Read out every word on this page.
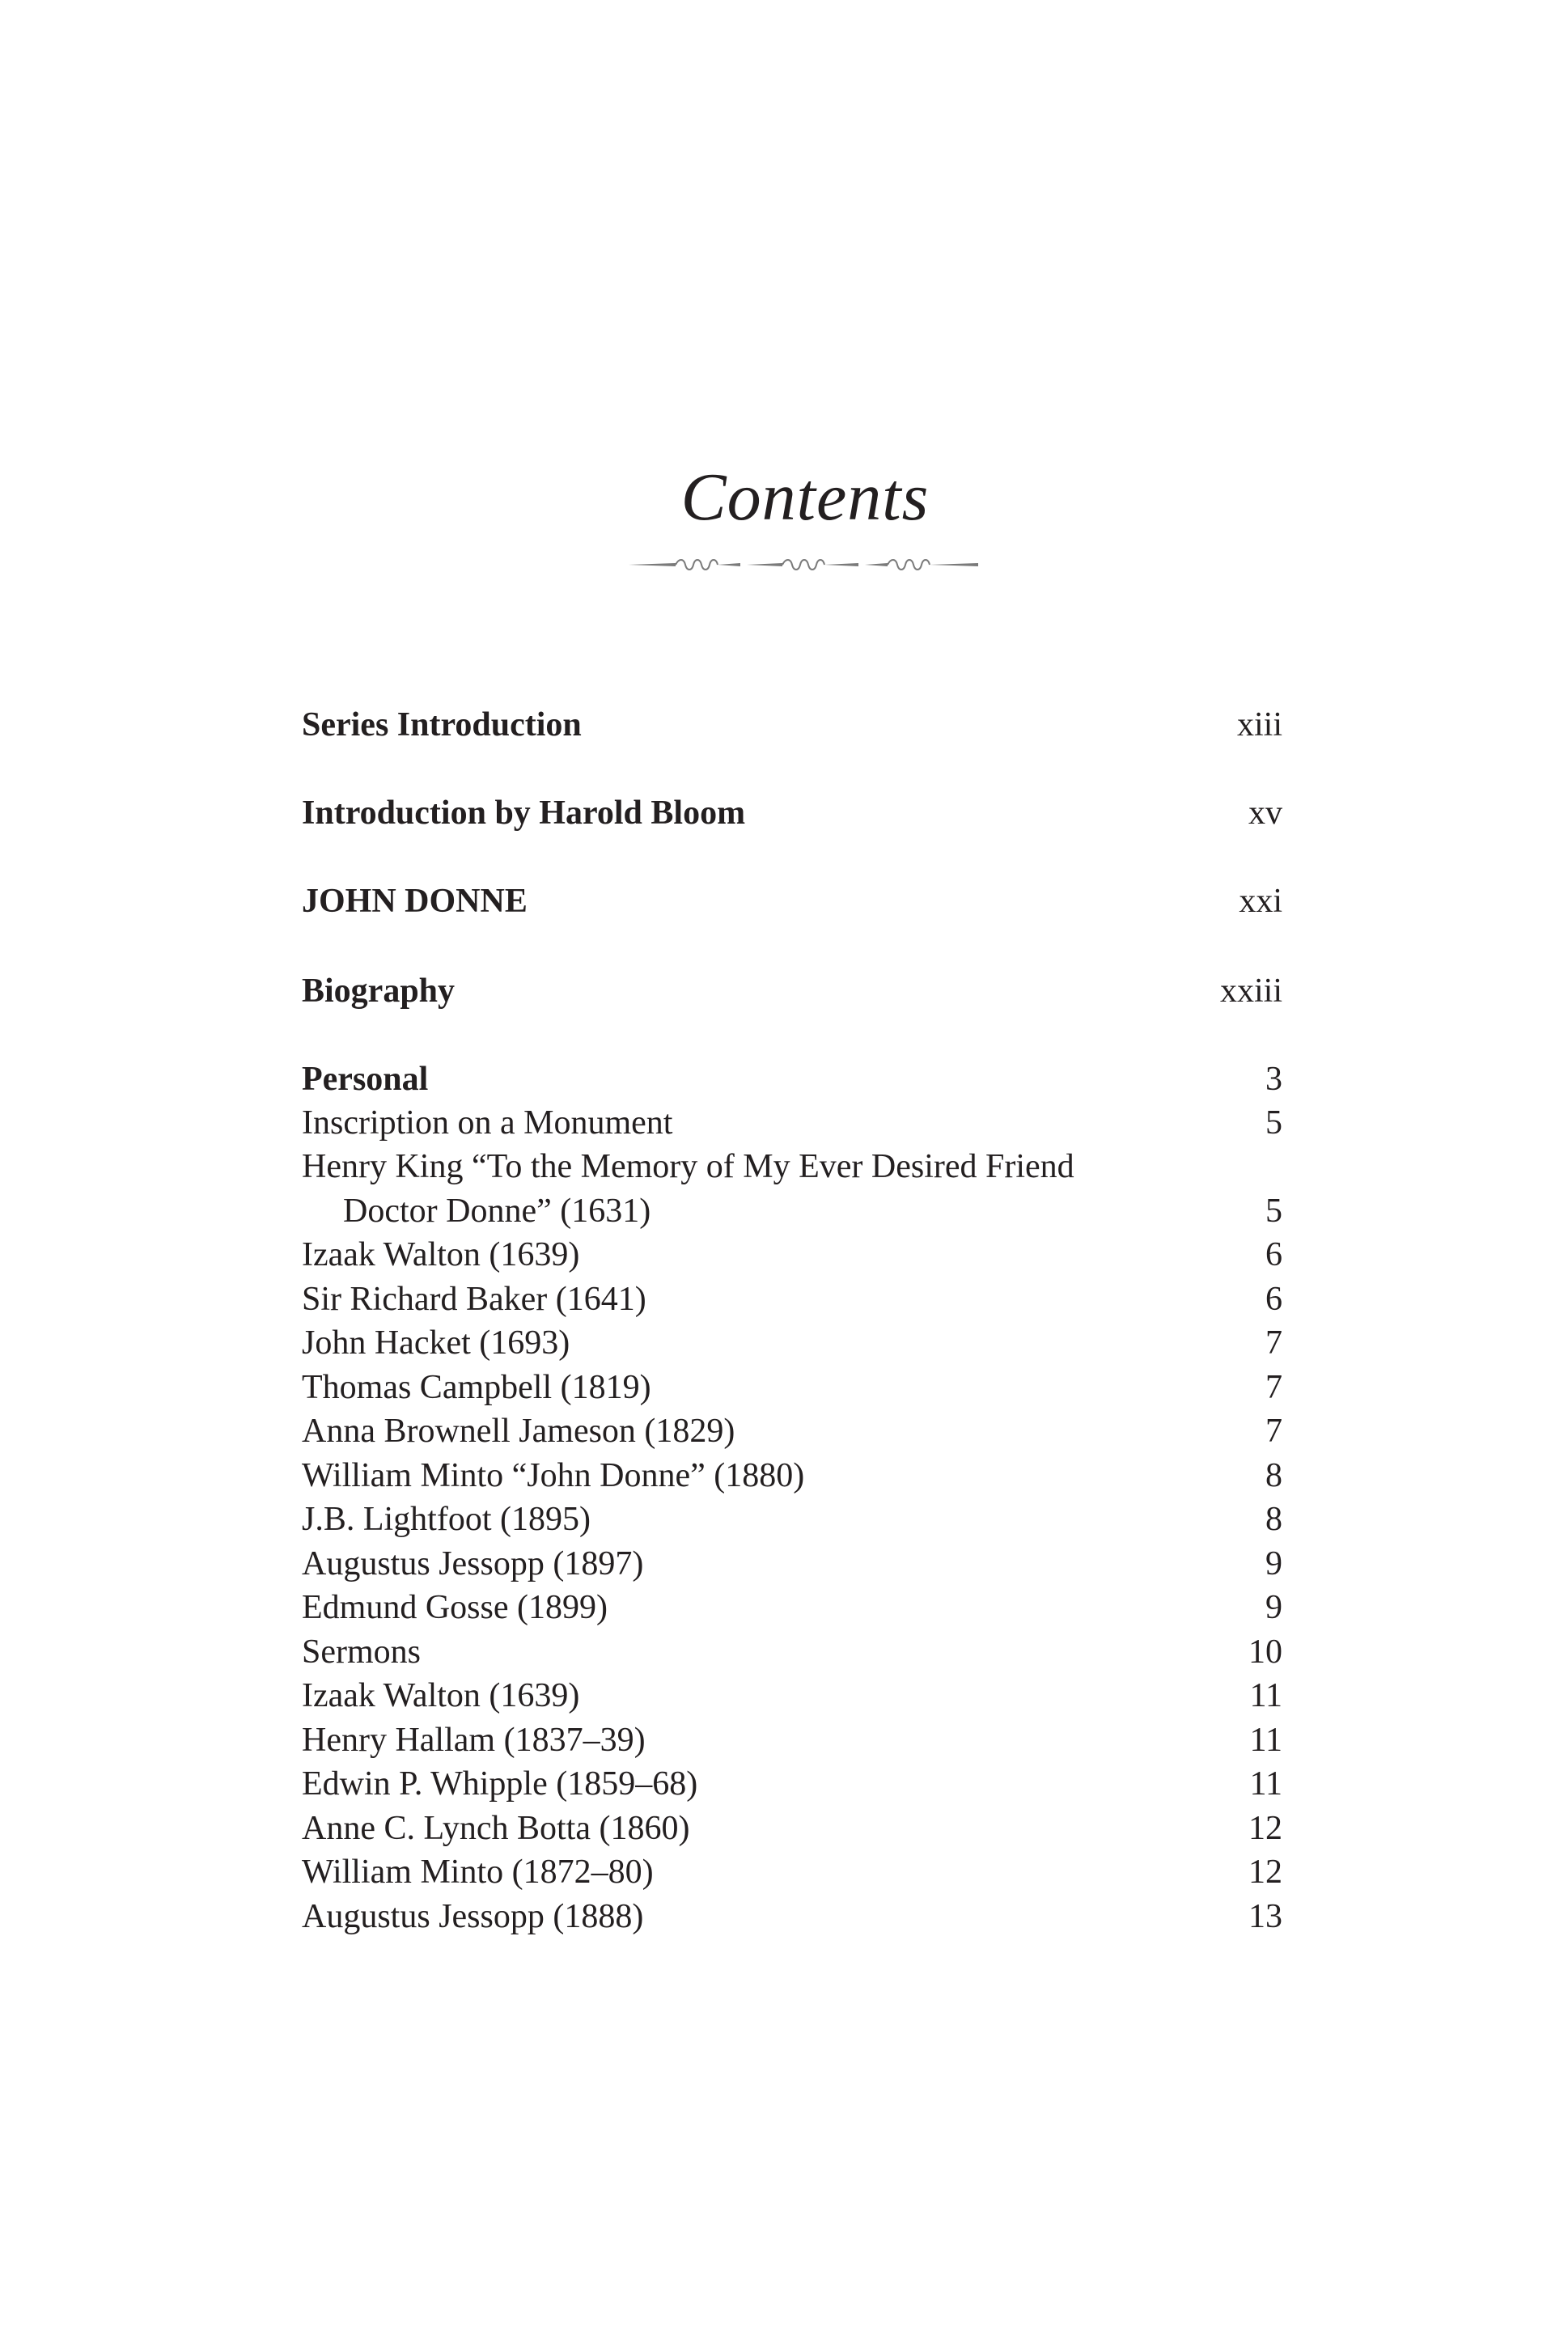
Contents
Series Introduction	xiii
Introduction by Harold Bloom	xv
JOHN DONNE	xxi
Biography	xxiii
Personal	3
Inscription on a Monument	5
Henry King “To the Memory of My Ever Desired Friend
Doctor Donne” (1631)	5
Izaak Walton (1639)	6
Sir Richard Baker (1641)	6
John Hacket (1693)	7
Thomas Campbell (1819)	7
Anna Brownell Jameson (1829)	7
William Minto “John Donne” (1880)	8
J.B. Lightfoot (1895)	8
Augustus Jessopp (1897)	9
Edmund Gosse (1899)	9
Sermons	10
Izaak Walton (1639)	11
Henry Hallam (1837–39)	11
Edwin P. Whipple (1859–68)	11
Anne C. Lynch Botta (1860)	12
William Minto (1872–80)	12
Augustus Jessopp (1888)	13
